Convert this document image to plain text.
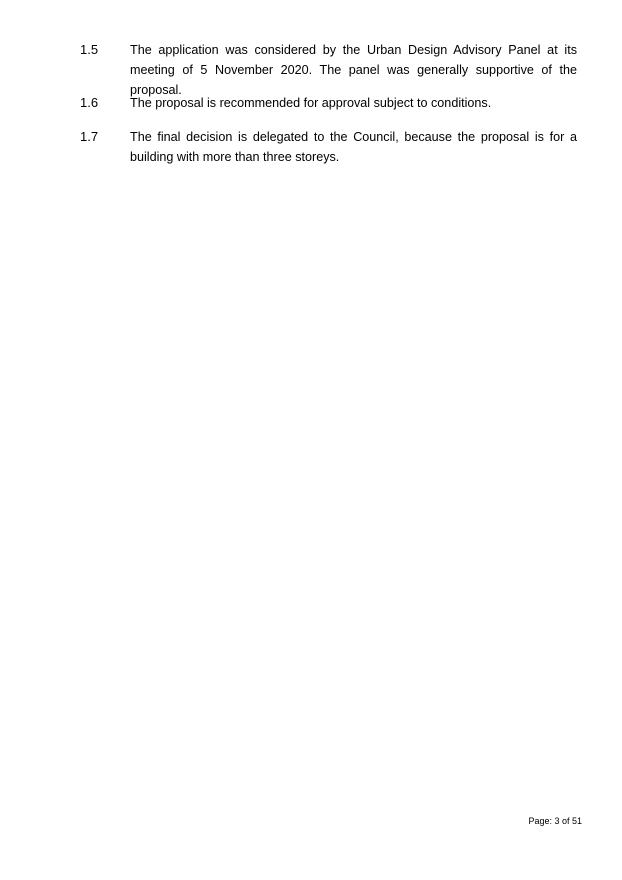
1.5	The application was considered by the Urban Design Advisory Panel at its meeting of 5 November 2020. The panel was generally supportive of the proposal.

1.6	The proposal is recommended for approval subject to conditions.

1.7	The final decision is delegated to the Council, because the proposal is for a building with more than three storeys.

Page: 3 of 51
